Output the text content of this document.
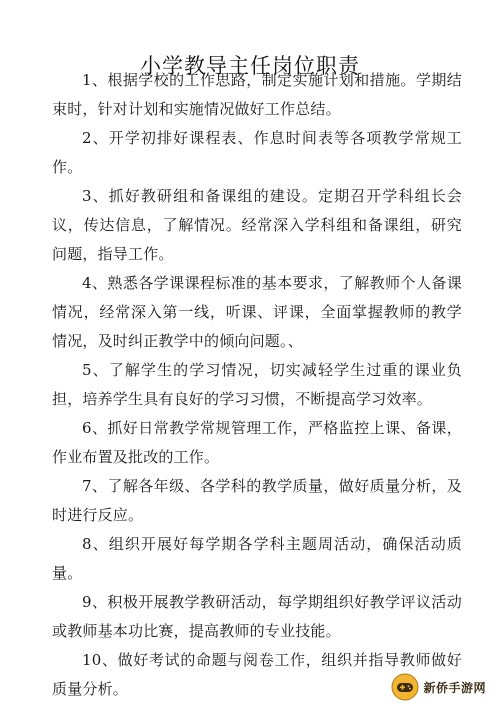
小学教导主任岗位职责

1、根据学校的工作思路，制定实施计划和措施。学期结束时，针对计划和实施情况做好工作总结。

2、开学初排好课程表、作息时间表等各项教学常规工作。

3、抓好教研组和备课组的建设。定期召开学科组长会议，传达信息，了解情况。经常深入学科组和备课组，研究问题，指导工作。

4、熟悉各学课课程标准的基本要求，了解教师个人备课情况，经常深入第一线，听课、评课，全面掌握教师的教学情况，及时纠正教学中的倾向问题。、

5、了解学生的学习情况，切实减轻学生过重的课业负担，培养学生具有良好的学习习惯，不断提高学习效率。

6、抓好日常教学常规管理工作，严格监控上课、备课，作业布置及批改的工作。

7、了解各年级、各学科的教学质量，做好质量分析，及时进行反应。

8、组织开展好每学期各学科主题周活动，确保活动质量。

9、积极开展教学教研活动，每学期组织好教学评议活动或教师基本功比赛，提高教师的专业技能。

10、做好考试的命题与阅卷工作，组织并指导教师做好质量分析。	新侨手游网
